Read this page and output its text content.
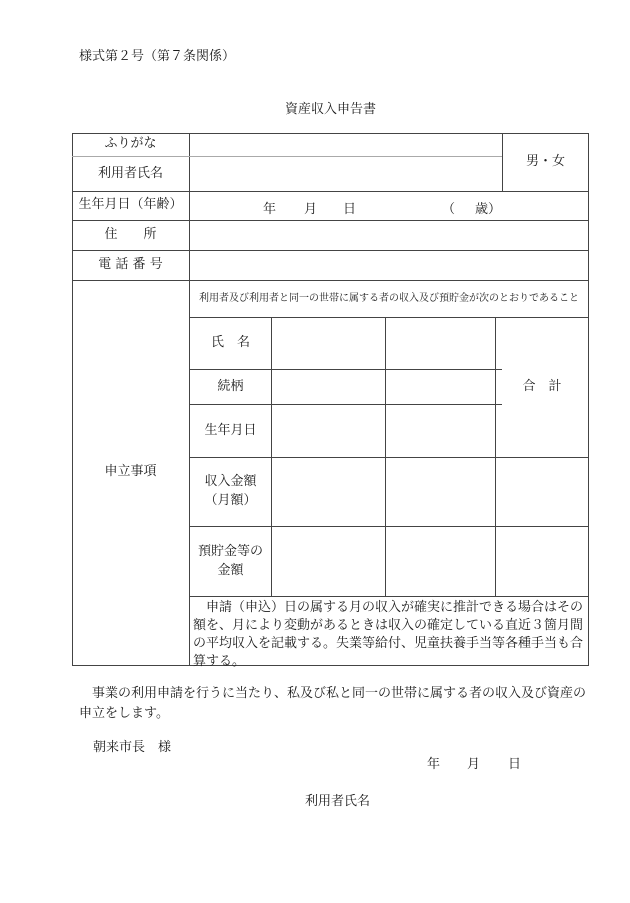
様式第２号（第７条関係）
資産収入申告書
ふりがな
利用者氏名
男・女
生年月日（年齢）	年 月 日	（ 歳）
住　　所
電 話 番 号
申立事項
利用者及び利用者と同一の世帯に属する者の収入及び預貯金が次のとおりであること
氏　名
続柄
生年月日
収入金額
（月額）
預貯金等の
金額
合　計
申請（申込）日の属する月の収入が確実に推計できる場合はその額を、月により変動があるときは収入の確定している直近３箇月間の平均収入を記載する。失業等給付、児童扶養手当等各種手当も合算する。
事業の利用申請を行うに当たり、私及び私と同一の世帯に属する者の収入及び資産の申立をします。
朝来市長　様
年 月 日
利用者氏名
